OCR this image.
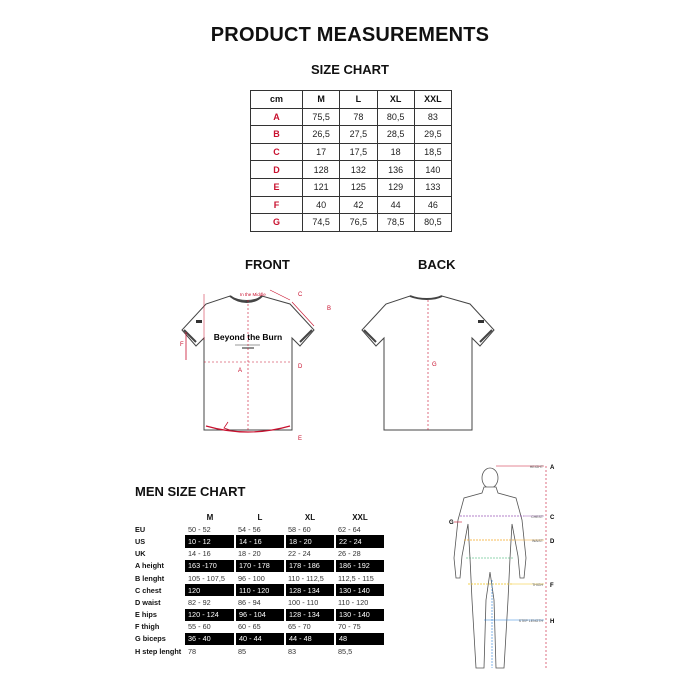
PRODUCT MEASUREMENTS
SIZE CHART
cm	M	L	XL	XXL
A	75,5	78	80,5	83
B	26,5	27,5	28,5	29,5
C	17	17,5	18	18,5
D	128	132	136	140
E	121	125	129	133
F	40	42	44	46
G	74,5	76,5	78,5	80,5
FRONT	BACK
Beyond the Burn
In the Middle
A
B
C
D
E
F
G
MEN SIZE CHART
	M	L	XL	XXL
EU	50 - 52	54 - 56	58 - 60	62 - 64
US	10 - 12	14 - 16	18 - 20	22 - 24
UK	14 - 16	18 - 20	22 - 24	26 - 28
A height	163 -170	170 - 178	178 - 186	186 - 192
B lenght	105 - 107,5	96 - 100	110 - 112,5	112,5 - 115
C chest	120	110 - 120	128 - 134	130 - 140
D waist	82 - 92	86 - 94	100 - 110	110 - 120
E hips	120 - 124	96 - 104	128 - 134	130 - 140
F thigh	55 - 60	60 - 65	65 - 70	70 - 75
G biceps	36 - 40	40 - 44	44 - 48	48
H step lenght	78	85	83	85,5
HEIGHT A
CHEST C
WAIST D
THIGH F
STEP LENGTH H
G
